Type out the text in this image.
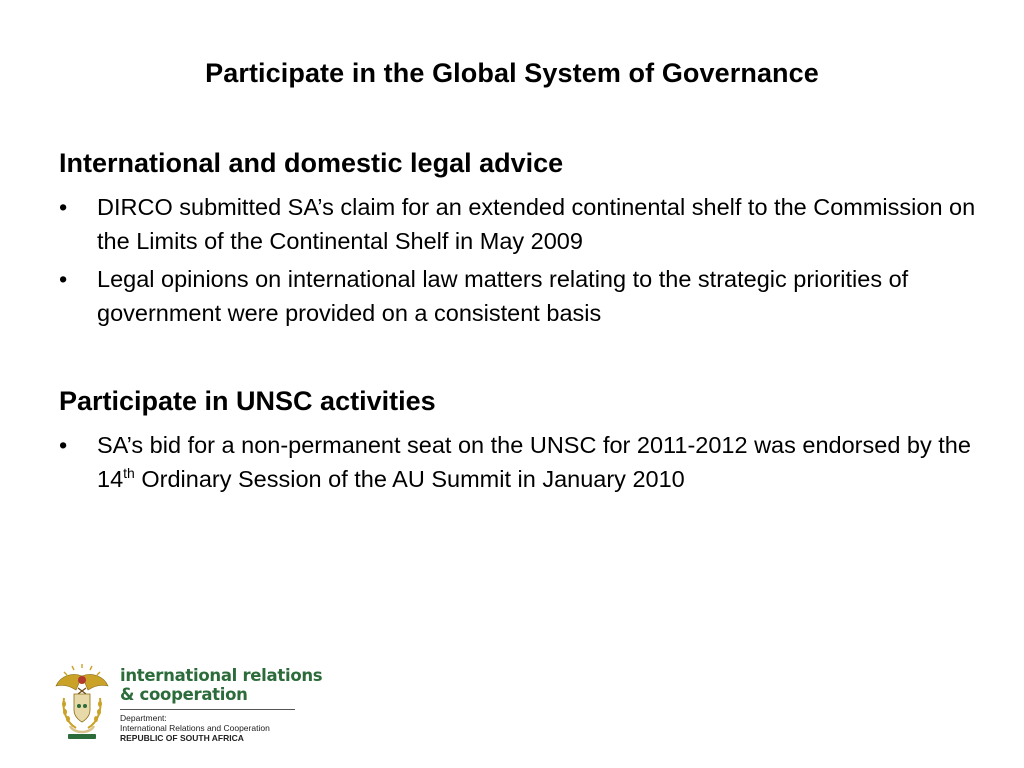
Participate in the Global System of Governance
International and domestic legal advice
• DIRCO submitted SA’s claim for an extended continental shelf to the Commission on the Limits of the Continental Shelf in May 2009
• Legal opinions on international law matters relating to the strategic priorities of government were provided on a consistent basis
Participate in UNSC activities
• SA’s bid for a non-permanent seat on the UNSC for 2011-2012 was endorsed by the 14th Ordinary Session of the AU Summit in January 2010
international relations
& cooperation
Department:
International Relations and Cooperation
REPUBLIC OF SOUTH AFRICA
